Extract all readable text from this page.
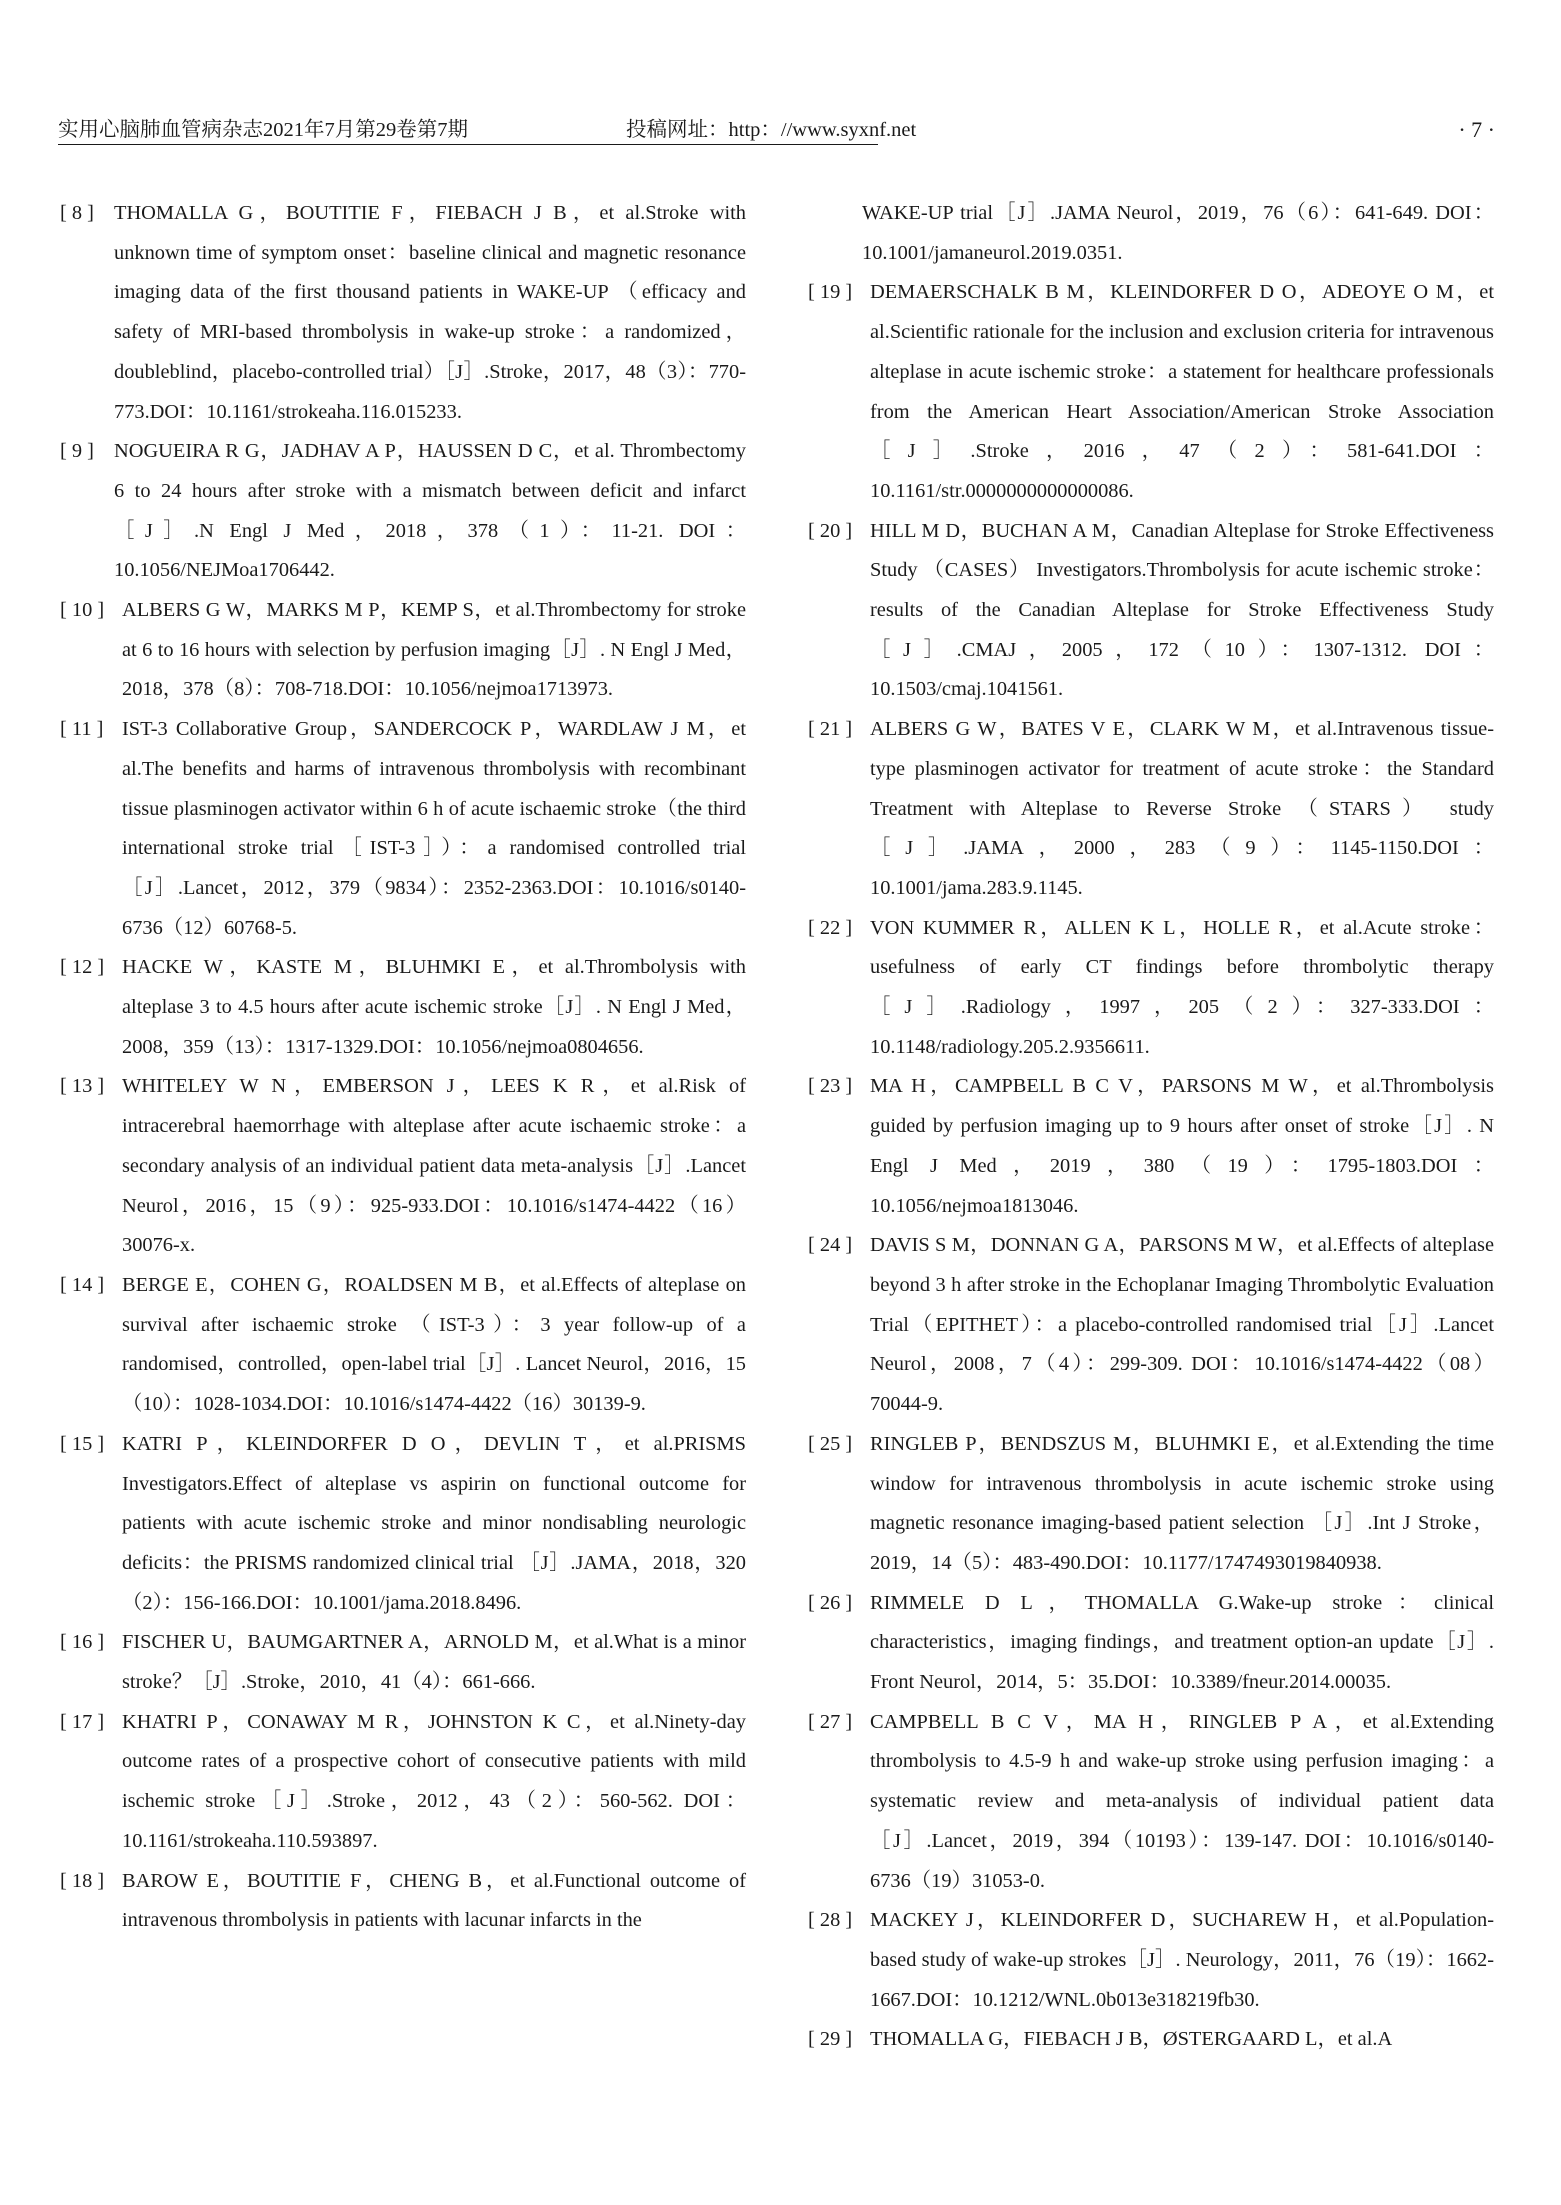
实用心脑肺血管病杂志2021年7月第29卷第7期	投稿网址：http：//www.syxnf.net	· 7 ·

[ 8 ] THOMALLA G，BOUTITIE F，FIEBACH J B，et al.Stroke with unknown time of symptom onset：baseline clinical and magnetic resonance imaging data of the first thousand patients in WAKE-UP （efficacy and safety of MRI-based thrombolysis in wake-up stroke：a randomized，doubleblind，placebo-controlled trial）［J］.Stroke，2017，48（3）：770-773.DOI：10.1161/strokeaha.116.015233.

[ 9 ] NOGUEIRA R G，JADHAV A P，HAUSSEN D C，et al. Thrombectomy 6 to 24 hours after stroke with a mismatch between deficit and infarct［J］.N Engl J Med，2018，378（1）：11-21. DOI：10.1056/NEJMoa1706442.

[ 10 ] ALBERS G W，MARKS M P，KEMP S，et al.Thrombectomy for stroke at 6 to 16 hours with selection by perfusion imaging［J］. N Engl J Med，2018，378（8）：708-718.DOI：10.1056/nejmoa1713973.

[ 11 ] IST-3 Collaborative Group，SANDERCOCK P，WARDLAW J M，et al.The benefits and harms of intravenous thrombolysis with recombinant tissue plasminogen activator within 6 h of acute ischaemic stroke（the third international stroke trial［IST-3］）：a randomised controlled trial［J］.Lancet，2012，379（9834）：2352-2363.DOI：10.1016/s0140-6736（12）60768-5.

[ 12 ] HACKE W，KASTE M，BLUHMKI E，et al.Thrombolysis with alteplase 3 to 4.5 hours after acute ischemic stroke［J］. N Engl J Med，2008，359（13）：1317-1329.DOI：10.1056/nejmoa0804656.

[ 13 ] WHITELEY W N，EMBERSON J，LEES K R，et al.Risk of intracerebral haemorrhage with alteplase after acute ischaemic stroke：a secondary analysis of an individual patient data meta-analysis［J］.Lancet Neurol，2016，15（9）：925-933.DOI：10.1016/s1474-4422（16）30076-x.

[ 14 ] BERGE E，COHEN G，ROALDSEN M B，et al.Effects of alteplase on survival after ischaemic stroke （IST-3）：3 year follow-up of a randomised，controlled，open-label trial［J］. Lancet Neurol，2016，15（10）：1028-1034.DOI：10.1016/s1474-4422（16）30139-9.

[ 15 ] KATRI P，KLEINDORFER D O，DEVLIN T，et al.PRISMS Investigators.Effect of alteplase vs aspirin on functional outcome for patients with acute ischemic stroke and minor nondisabling neurologic deficits：the PRISMS randomized clinical trial ［J］.JAMA，2018，320（2）：156-166.DOI：10.1001/jama.2018.8496.

[ 16 ] FISCHER U，BAUMGARTNER A，ARNOLD M，et al.What is a minor stroke？［J］.Stroke，2010，41（4）：661-666.

[ 17 ] KHATRI P，CONAWAY M R，JOHNSTON K C，et al.Ninety-day outcome rates of a prospective cohort of consecutive patients with mild ischemic stroke［J］.Stroke，2012，43（2）：560-562. DOI：10.1161/strokeaha.110.593897.

[ 18 ] BAROW E，BOUTITIE F，CHENG B，et al.Functional outcome of intravenous thrombolysis in patients with lacunar infarcts in the

WAKE-UP trial［J］.JAMA Neurol，2019，76（6）：641-649. DOI：10.1001/jamaneurol.2019.0351.

[ 19 ] DEMAERSCHALK B M，KLEINDORFER D O，ADEOYE O M，et al.Scientific rationale for the inclusion and exclusion criteria for intravenous alteplase in acute ischemic stroke：a statement for healthcare professionals from the American Heart Association/American Stroke Association［J］.Stroke，2016，47（2）：581-641.DOI：10.1161/str.0000000000000086.

[ 20 ] HILL M D，BUCHAN A M，Canadian Alteplase for Stroke Effectiveness Study （CASES） Investigators.Thrombolysis for acute ischemic stroke：results of the Canadian Alteplase for Stroke Effectiveness Study［J］.CMAJ，2005，172（10）：1307-1312. DOI：10.1503/cmaj.1041561.

[ 21 ] ALBERS G W，BATES V E，CLARK W M，et al.Intravenous tissue-type plasminogen activator for treatment of acute stroke：the Standard Treatment with Alteplase to Reverse Stroke （STARS） study［J］.JAMA，2000，283（9）：1145-1150.DOI：10.1001/jama.283.9.1145.

[ 22 ] VON KUMMER R，ALLEN K L，HOLLE R，et al.Acute stroke：usefulness of early CT findings before thrombolytic therapy ［J］.Radiology，1997，205（2）：327-333.DOI：10.1148/radiology.205.2.9356611.

[ 23 ] MA H，CAMPBELL B C V，PARSONS M W，et al.Thrombolysis guided by perfusion imaging up to 9 hours after onset of stroke［J］. N Engl J Med，2019，380（19）：1795-1803.DOI：10.1056/nejmoa1813046.

[ 24 ] DAVIS S M，DONNAN G A，PARSONS M W，et al.Effects of alteplase beyond 3 h after stroke in the Echoplanar Imaging Thrombolytic Evaluation Trial（EPITHET）：a placebo-controlled randomised trial［J］.Lancet Neurol，2008，7（4）：299-309. DOI：10.1016/s1474-4422（08）70044-9.

[ 25 ] RINGLEB P，BENDSZUS M，BLUHMKI E，et al.Extending the time window for intravenous thrombolysis in acute ischemic stroke using magnetic resonance imaging-based patient selection ［J］.Int J Stroke，2019，14（5）：483-490.DOI：10.1177/1747493019840938.

[ 26 ] RIMMELE D L，THOMALLA G.Wake-up stroke：clinical characteristics，imaging findings，and treatment option-an update［J］. Front Neurol，2014，5：35.DOI：10.3389/fneur.2014.00035.

[ 27 ] CAMPBELL B C V，MA H，RINGLEB P A，et al.Extending thrombolysis to 4.5-9 h and wake-up stroke using perfusion imaging：a systematic review and meta-analysis of individual patient data［J］.Lancet，2019，394（10193）：139-147. DOI：10.1016/s0140-6736（19）31053-0.

[ 28 ] MACKEY J，KLEINDORFER D，SUCHAREW H，et al.Population-based study of wake-up strokes［J］. Neurology，2011，76（19）：1662-1667.DOI：10.1212/WNL.0b013e318219fb30.

[ 29 ] THOMALLA G，FIEBACH J B，ØSTERGAARD L，et al.A
